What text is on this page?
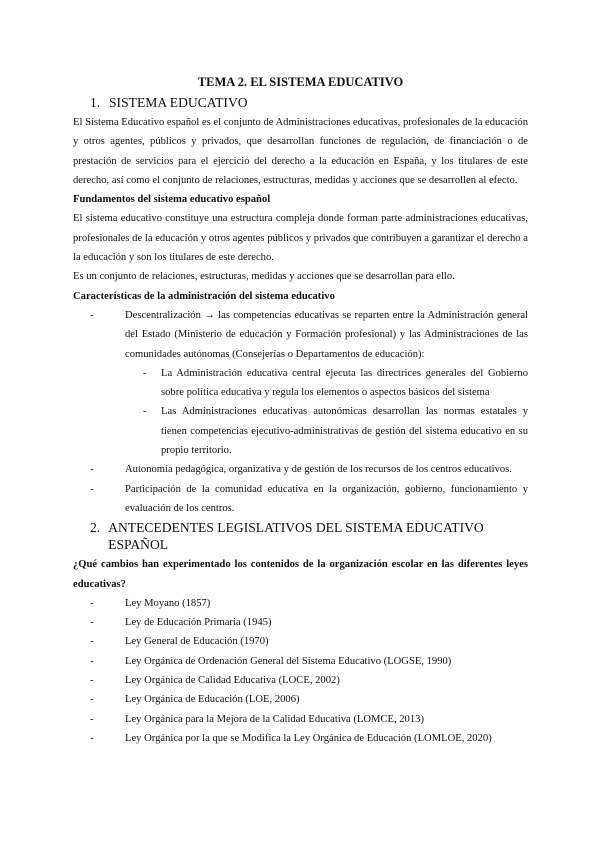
TEMA 2. EL SISTEMA EDUCATIVO
1. SISTEMA EDUCATIVO

El Sistema Educativo español es el conjunto de Administraciones educativas, profesionales de la educación y otros agentes, públicos y privados, que desarrollan funciones de regulación, de financiación o de prestación de servicios para el ejercicio del derecho a la educación en España, y los titulares de este derecho, así como el conjunto de relaciones, estructuras, medidas y acciones que se desarrollen al efecto.

Fundamentos del sistema educativo español

El sistema educativo constituye una estructura compleja donde forman parte administraciones educativas, profesionales de la educación y otros agentes públicos y privados que contribuyen a garantizar el derecho a la educación y son los titulares de este derecho.

Es un conjunto de relaciones, estructuras, medidas y acciones que se desarrollan para ello.

Características de la administración del sistema educativo
-	Descentralización → las competencias educativas se reparten entre la Administración general del Estado (Ministerio de educación y Formación profesional) y las Administraciones de las comunidades autónomas (Consejerías o Departamentos de educación):
- La Administración educativa central ejecuta las directrices generales del Gobierno sobre política educativa y regula los elementos o aspectos básicos del sistema
- Las Administraciones educativas autonómicas desarrollan las normas estatales y tienen competencias ejecutivo-administrativas de gestión del sistema educativo en su propio territorio.
-	Autonomía pedagógica, organizativa y de gestión de los recursos de los centros educativos.
-	Participación de la comunidad educativa en la organización, gobierno, funcionamiento y evaluación de los centros.
2. ANTECEDENTES LEGISLATIVOS DEL SISTEMA EDUCATIVO ESPAÑOL
¿Qué cambios han experimentado los contenidos de la organización escolar en las diferentes leyes educativas?
-	Ley Moyano (1857)
-	Ley de Educación Primaria (1945)
-	Ley General de Educación (1970)
-	Ley Orgánica de Ordenación General del Sistema Educativo (LOGSE, 1990)
-	Ley Orgánica de Calidad Educativa (LOCE, 2002)
-	Ley Orgánica de Educación (LOE, 2006)
-	Ley Orgánica para la Mejora de la Calidad Educativa (LOMCE, 2013)
-	Ley Orgánica por la que se Modifica la Ley Orgánica de Educación (LOMLOE, 2020)
